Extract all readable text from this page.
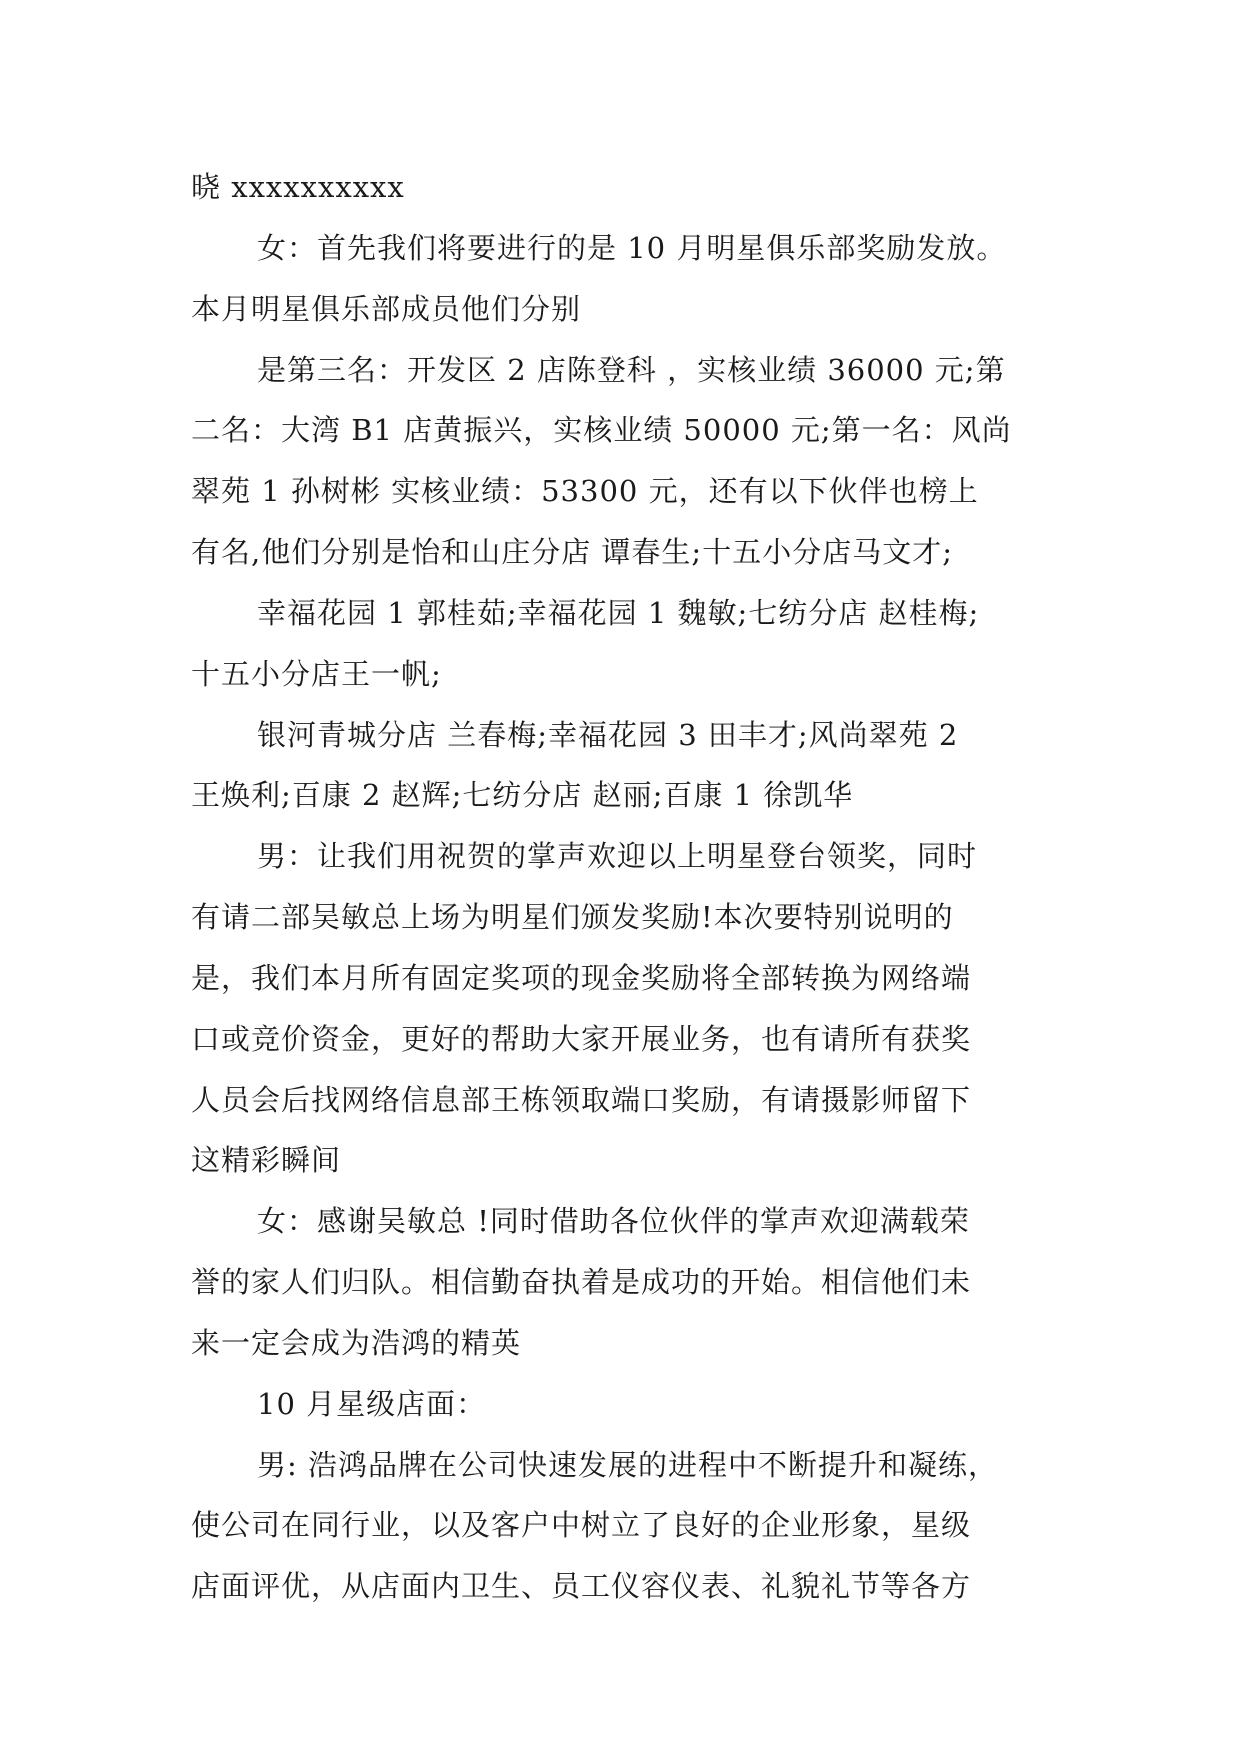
晓 xxxxxxxxxx
女：首先我们将要进行的是 10 月明星俱乐部奖励发放。
本月明星俱乐部成员他们分别
是第三名：开发区 2 店陈登科 ，实核业绩 36000 元;第
二名：大湾 B1 店黄振兴，实核业绩 50000 元;第一名：风尚
翠苑 1 孙树彬 实核业绩：53300 元，还有以下伙伴也榜上
有名,他们分别是怡和山庄分店 谭春生;十五小分店马文才;
幸福花园 1 郭桂茹;幸福花园 1 魏敏;七纺分店 赵桂梅;
十五小分店王一帆;
银河青城分店 兰春梅;幸福花园 3 田丰才;风尚翠苑 2
王焕利;百康 2 赵辉;七纺分店 赵丽;百康 1 徐凯华
男：让我们用祝贺的掌声欢迎以上明星登台领奖，同时
有请二部吴敏总上场为明星们颁发奖励!本次要特别说明的
是，我们本月所有固定奖项的现金奖励将全部转换为网络端
口或竞价资金，更好的帮助大家开展业务，也有请所有获奖
人员会后找网络信息部王栋领取端口奖励，有请摄影师留下
这精彩瞬间
女：感谢吴敏总 !同时借助各位伙伴的掌声欢迎满载荣
誉的家人们归队。相信勤奋执着是成功的开始。相信他们未
来一定会成为浩鸿的精英
10 月星级店面：
男: 浩鸿品牌在公司快速发展的进程中不断提升和凝练，
使公司在同行业，以及客户中树立了良好的企业形象，星级
店面评优，从店面内卫生、员工仪容仪表、礼貌礼节等各方
